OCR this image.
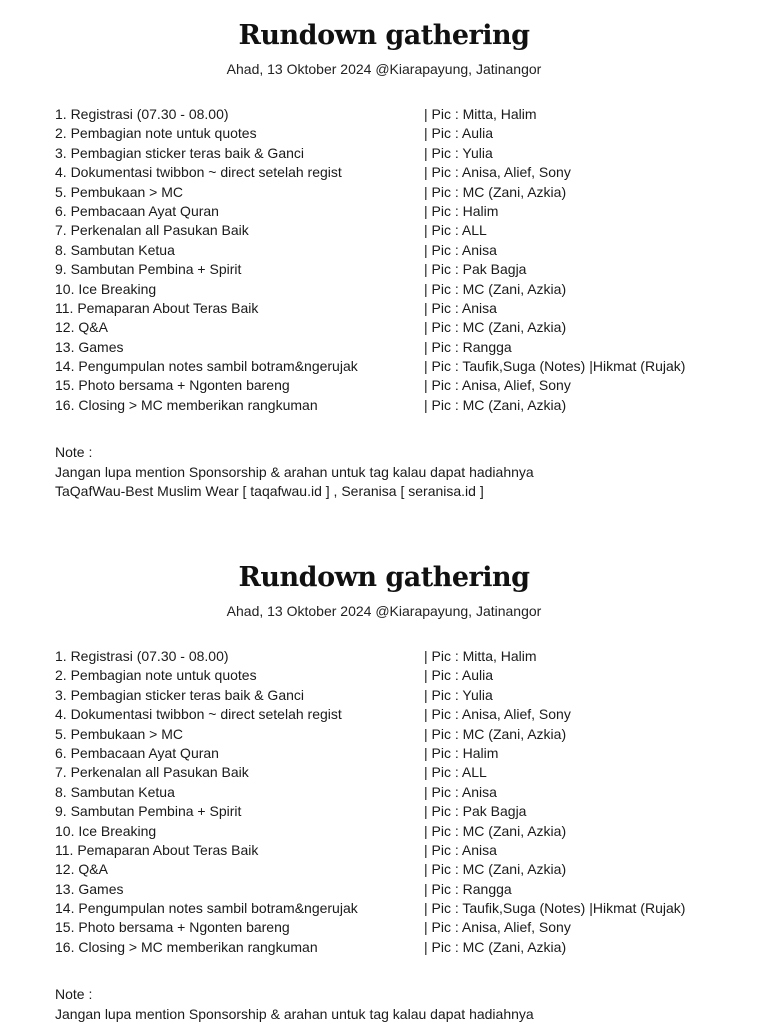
Rundown gathering
Ahad, 13 Oktober 2024 @Kiarapayung, Jatinangor
1. Registrasi (07.30 - 08.00)	| Pic : Mitta, Halim
2. Pembagian note untuk quotes	| Pic : Aulia
3. Pembagian sticker teras baik & Ganci	| Pic : Yulia
4. Dokumentasi twibbon ~ direct setelah regist	| Pic : Anisa, Alief, Sony
5. Pembukaan > MC	| Pic : MC (Zani, Azkia)
6. Pembacaan Ayat Quran	| Pic : Halim
7. Perkenalan all Pasukan Baik	| Pic : ALL
8. Sambutan Ketua	| Pic : Anisa
9. Sambutan Pembina + Spirit	| Pic : Pak Bagja
10. Ice Breaking	| Pic : MC (Zani, Azkia)
11. Pemaparan About Teras Baik	| Pic : Anisa
12. Q&A	| Pic : MC (Zani, Azkia)
13. Games	| Pic : Rangga
14. Pengumpulan notes sambil botram&ngerujak	| Pic : Taufik,Suga (Notes) |Hikmat (Rujak)
15. Photo bersama + Ngonten bareng	| Pic : Anisa, Alief, Sony
16. Closing > MC memberikan rangkuman	| Pic : MC (Zani, Azkia)
Note :
Jangan lupa mention Sponsorship & arahan untuk tag kalau dapat hadiahnya
TaQafWau-Best Muslim Wear [ taqafwau.id ] , Seranisa [ seranisa.id ]
Rundown gathering
Ahad, 13 Oktober 2024 @Kiarapayung, Jatinangor
1. Registrasi (07.30 - 08.00)	| Pic : Mitta, Halim
2. Pembagian note untuk quotes	| Pic : Aulia
3. Pembagian sticker teras baik & Ganci	| Pic : Yulia
4. Dokumentasi twibbon ~ direct setelah regist	| Pic : Anisa, Alief, Sony
5. Pembukaan > MC	| Pic : MC (Zani, Azkia)
6. Pembacaan Ayat Quran	| Pic : Halim
7. Perkenalan all Pasukan Baik	| Pic : ALL
8. Sambutan Ketua	| Pic : Anisa
9. Sambutan Pembina + Spirit	| Pic : Pak Bagja
10. Ice Breaking	| Pic : MC (Zani, Azkia)
11. Pemaparan About Teras Baik	| Pic : Anisa
12. Q&A	| Pic : MC (Zani, Azkia)
13. Games	| Pic : Rangga
14. Pengumpulan notes sambil botram&ngerujak	| Pic : Taufik,Suga (Notes) |Hikmat (Rujak)
15. Photo bersama + Ngonten bareng	| Pic : Anisa, Alief, Sony
16. Closing > MC memberikan rangkuman	| Pic : MC (Zani, Azkia)
Note :
Jangan lupa mention Sponsorship & arahan untuk tag kalau dapat hadiahnya
